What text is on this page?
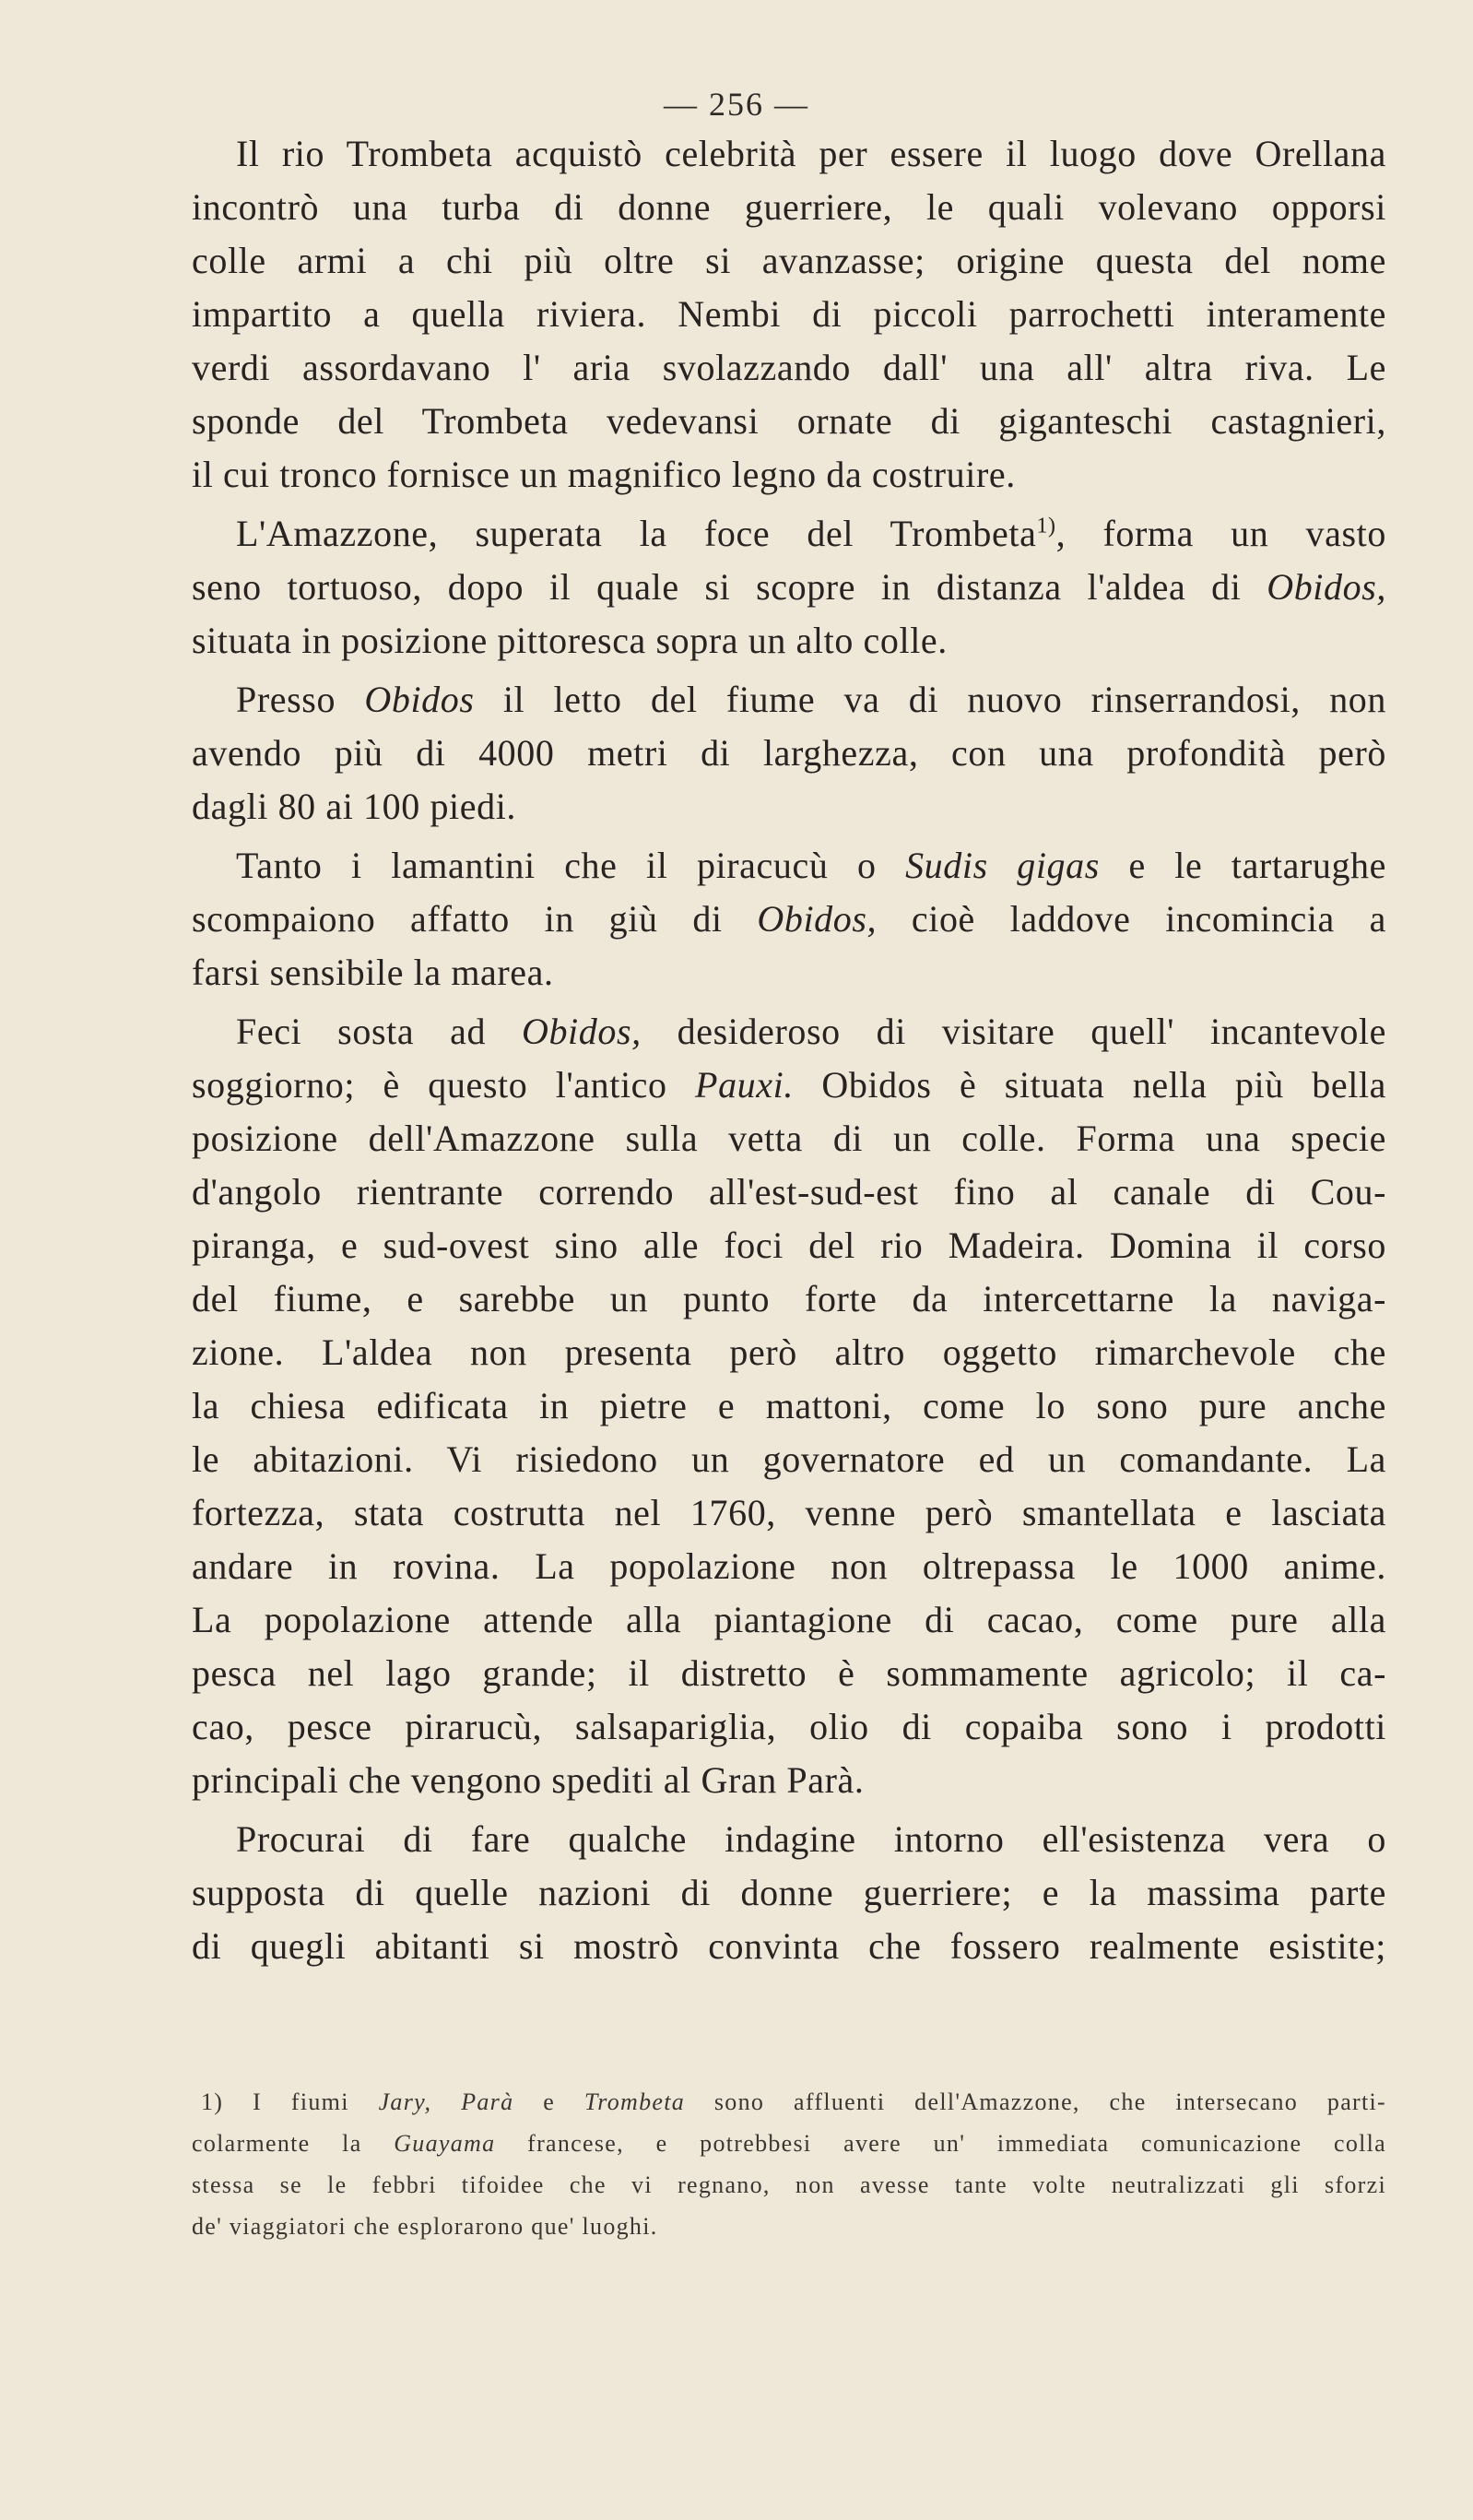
— 256 —
Il rio Trombeta acquistò celebrità per essere il luogo dove Orellana
incontrò una turba di donne guerriere, le quali volevano opporsi
colle armi a chi più oltre si avanzasse; origine questa del nome
impartito a quella riviera. Nembi di piccoli parrochetti interamente
verdi assordavano l' aria svolazzando dall' una all' altra riva. Le
sponde del Trombeta vedevansi ornate di giganteschi castagnieri,
il cui tronco fornisce un magnifico legno da costruire.
L'Amazzone, superata la foce del Trombeta$^{1)}$, forma un vasto
seno tortuoso, dopo il quale si scopre in distanza l'aldea di Obidos,
situata in posizione pittoresca sopra un alto colle.
Presso Obidos il letto del fiume va di nuovo rinserrandosi, non
avendo più di 4000 metri di larghezza, con una profondità però
dagli 80 ai 100 piedi.
Tanto i lamantini che il piracucù o Sudis gigas e le tartarughe
scompaiono affatto in giù di Obidos, cioè laddove incomincia a
farsi sensibile la marea.
Feci sosta ad Obidos, desideroso di visitare quell' incantevole
soggiorno; è questo l'antico Pauxi. Obidos è situata nella più bella
posizione dell'Amazzone sulla vetta di un colle. Forma una specie
d'angolo rientrante correndo all'est-sud-est fino al canale di Cou-
piranga, e sud-ovest sino alle foci del rio Madeira. Domina il corso
del fiume, e sarebbe un punto forte da intercettarne la naviga-
zione. L'aldea non presenta però altro oggetto rimarchevole che
la chiesa edificata in pietre e mattoni, come lo sono pure anche
le abitazioni. Vi risiedono un governatore ed un comandante. La
fortezza, stata costrutta nel 1760, venne però smantellata e lasciata
andare in rovina. La popolazione non oltrepassa le 1000 anime.
La popolazione attende alla piantagione di cacao, come pure alla
pesca nel lago grande; il distretto è sommamente agricolo; il ca-
cao, pesce pirarucù, salsapariglia, olio di copaiba sono i prodotti
principali che vengono spediti al Gran Parà.
Procurai di fare qualche indagine intorno ell'esistenza vera o
supposta di quelle nazioni di donne guerriere; e la massima parte
di quegli abitanti si mostrò convinta che fossero realmente esistite;
1) I fiumi Jary, Parà e Trombeta sono affluenti dell'Amazzone, che intersecano parti-
colarmente la Guayama francese, e potrebbesi avere un' immediata comunicazione colla
stessa se le febbri tifoidee che vi regnano, non avesse tante volte neutralizzati gli sforzi
de' viaggiatori che esplorarono que' luoghi.
